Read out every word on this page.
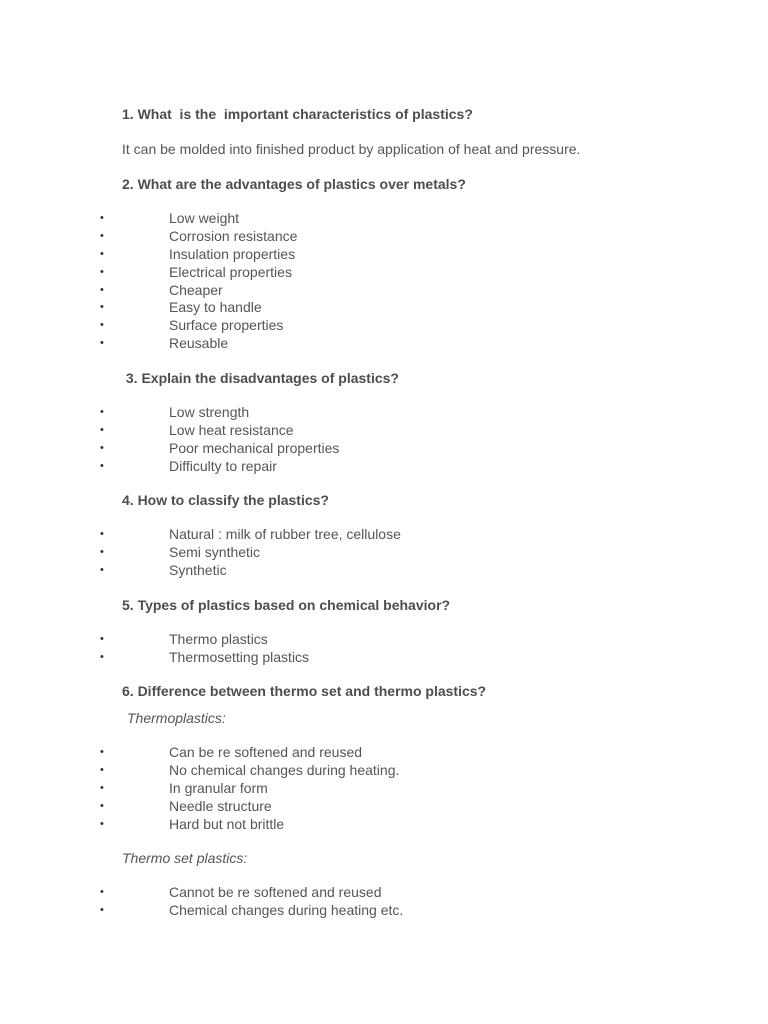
1. What  is the  important characteristics of plastics?

It can be molded into finished product by application of heat and pressure.

2. What are the advantages of plastics over metals?

•	Low weight
•	Corrosion resistance
•	Insulation properties
•	Electrical properties
•	Cheaper
•	Easy to handle
•	Surface properties
•	Reusable

3. Explain the disadvantages of plastics?

•	Low strength
•	Low heat resistance
•	Poor mechanical properties
•	Difficulty to repair

4. How to classify the plastics?

•	Natural : milk of rubber tree, cellulose
•	Semi synthetic
•	Synthetic

5. Types of plastics based on chemical behavior?

•	Thermo plastics
•	Thermosetting plastics

6. Difference between thermo set and thermo plastics?

Thermoplastics:

•	Can be re softened and reused
•	No chemical changes during heating.
•	In granular form
•	Needle structure
•	Hard but not brittle

Thermo set plastics:

•	Cannot be re softened and reused
•	Chemical changes during heating etc.
